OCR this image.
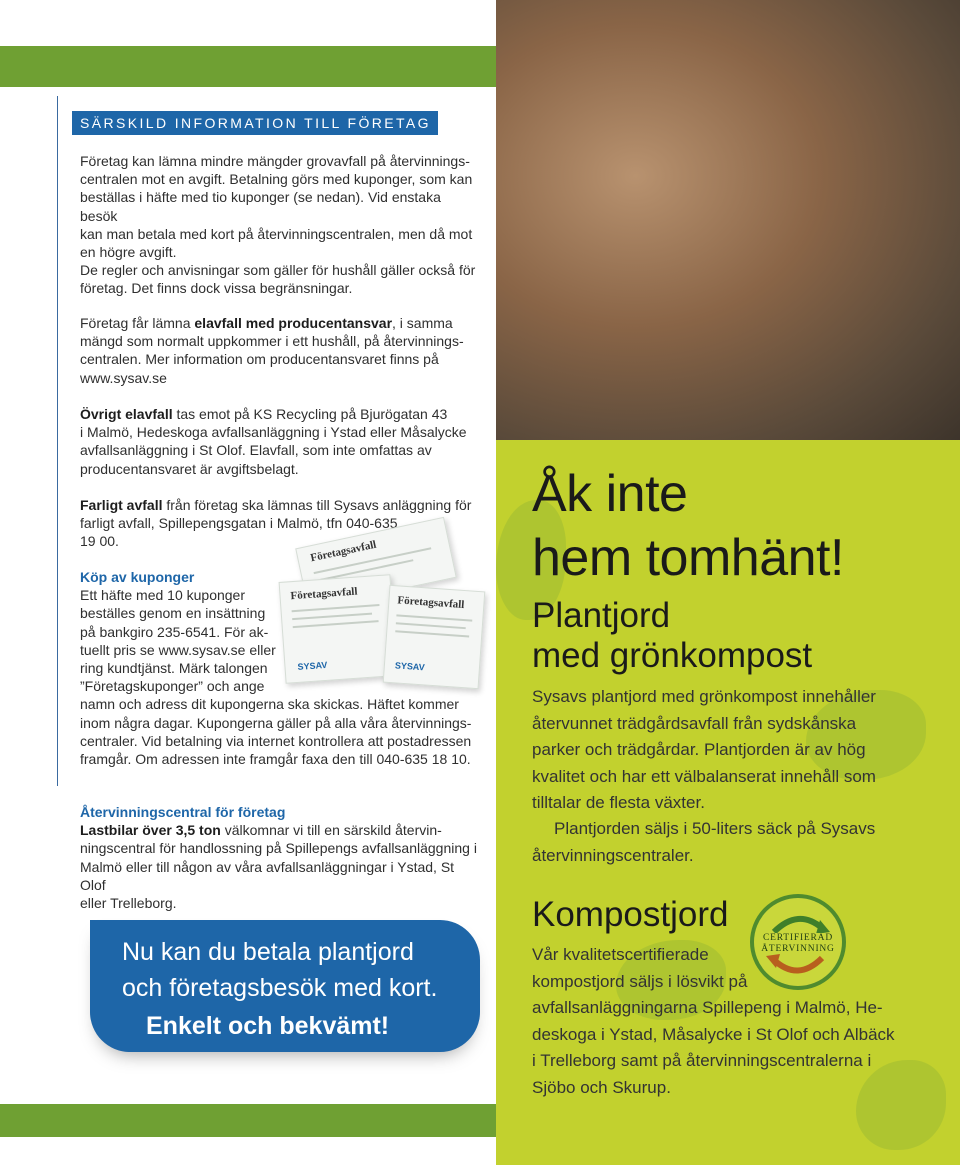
SÄRSKILD INFORMATION TILL FÖRETAG

Företag kan lämna mindre mängder grovavfall på återvinnings-
centralen mot en avgift. Betalning görs med kuponger, som kan
beställas i häfte med tio kuponger (se nedan). Vid enstaka besök
kan man betala med kort på återvinningscentralen, men då mot
en högre avgift.

De regler och anvisningar som gäller för hushåll gäller också för
företag. Det finns dock vissa begränsningar.

Företag får lämna elavfall med producentansvar, i samma
mängd som normalt uppkommer i ett hushåll, på återvinnings-
centralen. Mer information om producentansvaret finns på
www.sysav.se

Övrigt elavfall tas emot på KS Recycling på Bjurögatan 43
i Malmö, Hedeskoga avfallsanläggning i Ystad eller Måsalycke
avfallsanläggning i St Olof. Elavfall, som inte omfattas av
producentansvaret är avgiftsbelagt.

Farligt avfall från företag ska lämnas till Sysavs anläggning för
farligt avfall, Spillepengsgatan i Malmö, tfn 040-635
19 00.

Köp av kuponger

Ett häfte med 10 kuponger
beställes genom en insättning
på bankgiro 235-6541. För ak-
tuellt pris se www.sysav.se eller
ring kundtjänst. Märk talongen
”Företagskuponger” och ange

namn och adress dit kupongerna ska skickas. Häftet kommer
inom några dagar. Kupongerna gäller på alla våra återvinnings-
centraler. Vid betalning via internet kontrollera att postadressen
framgår. Om adressen inte framgår faxa den till 040-635 18 10.

Företagsavfall
Företagsavfall
SYSAV
Företagsavfall
SYSAV

Återvinningscentral för företag

Lastbilar över 3,5 ton välkomnar vi till en särskild återvin-
ningscentral för handlossning på Spillepengs avfallsanläggning i
Malmö eller till någon av våra avfallsanläggningar i Ystad, St Olof
eller Trelleborg.

Nu kan du betala plantjord
och företagsbesök med kort.
Enkelt och bekvämt!
Åk inte
hem tomhänt!
Plantjord
med grönkompost
Sysavs plantjord med grönkompost innehåller
återvunnet trädgårdsavfall från sydskånska
parker och trädgårdar. Plantjorden är av hög
kvalitet och har ett välbalanserat innehåll som
tilltalar de flesta växter.
Plantjorden säljs i 50-liters säck på Sysavs
återvinningscentraler.
Kompostjord
Vår kvalitetscertifierade
kompostjord säljs i lösvikt på
avfallsanläggningarna Spillepeng i Malmö, He-
deskoga i Ystad, Måsalycke i St Olof och Albäck
i Trelleborg samt på återvinningscentralerna i
Sjöbo och Skurup.
CERTIFIERAD
ÅTERVINNING
